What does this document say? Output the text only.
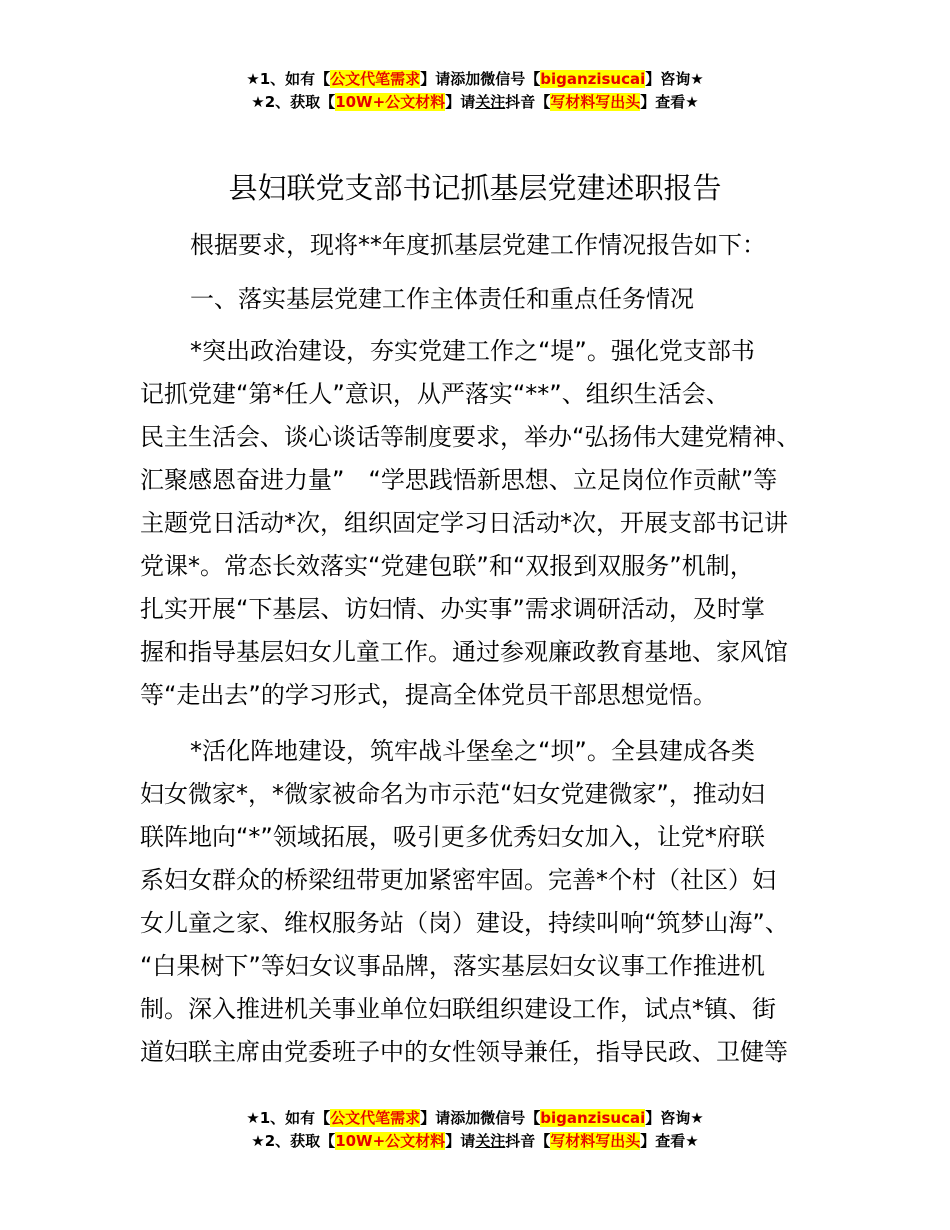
★1、如有【公文代笔需求】请添加微信号【biganzisucai】咨询★
★2、获取【10W+公文材料】请关注抖音【写材料写出头】查看★
县妇联党支部书记抓基层党建述职报告
根据要求，现将**年度抓基层党建工作情况报告如下：
一、落实基层党建工作主体责任和重点任务情况
*突出政治建设，夯实党建工作之“堤”。强化党支部书
记抓党建“第*任人”意识，从严落实“**”、组织生活会、
民主生活会、谈心谈话等制度要求，举办“弘扬伟大建党精神、
汇聚感恩奋进力量”　“学思践悟新思想、立足岗位作贡献”等
主题党日活动*次，组织固定学习日活动*次，开展支部书记讲
党课*。常态长效落实“党建包联”和“双报到双服务”机制，
扎实开展“下基层、访妇情、办实事”需求调研活动，及时掌
握和指导基层妇女儿童工作。通过参观廉政教育基地、家风馆
等“走出去”的学习形式，提高全体党员干部思想觉悟。
*活化阵地建设，筑牢战斗堡垒之“坝”。全县建成各类
妇女微家*，*微家被命名为市示范“妇女党建微家”，推动妇
联阵地向“*”领域拓展，吸引更多优秀妇女加入，让党*府联
系妇女群众的桥梁纽带更加紧密牢固。完善*个村（社区）妇
女儿童之家、维权服务站（岗）建设，持续叫响“筑梦山海”、
“白果树下”等妇女议事品牌，落实基层妇女议事工作推进机
制。深入推进机关事业单位妇联组织建设工作，试点*镇、街
道妇联主席由党委班子中的女性领导兼任，指导民政、卫健等
★1、如有【公文代笔需求】请添加微信号【biganzisucai】咨询★
★2、获取【10W+公文材料】请关注抖音【写材料写出头】查看★
